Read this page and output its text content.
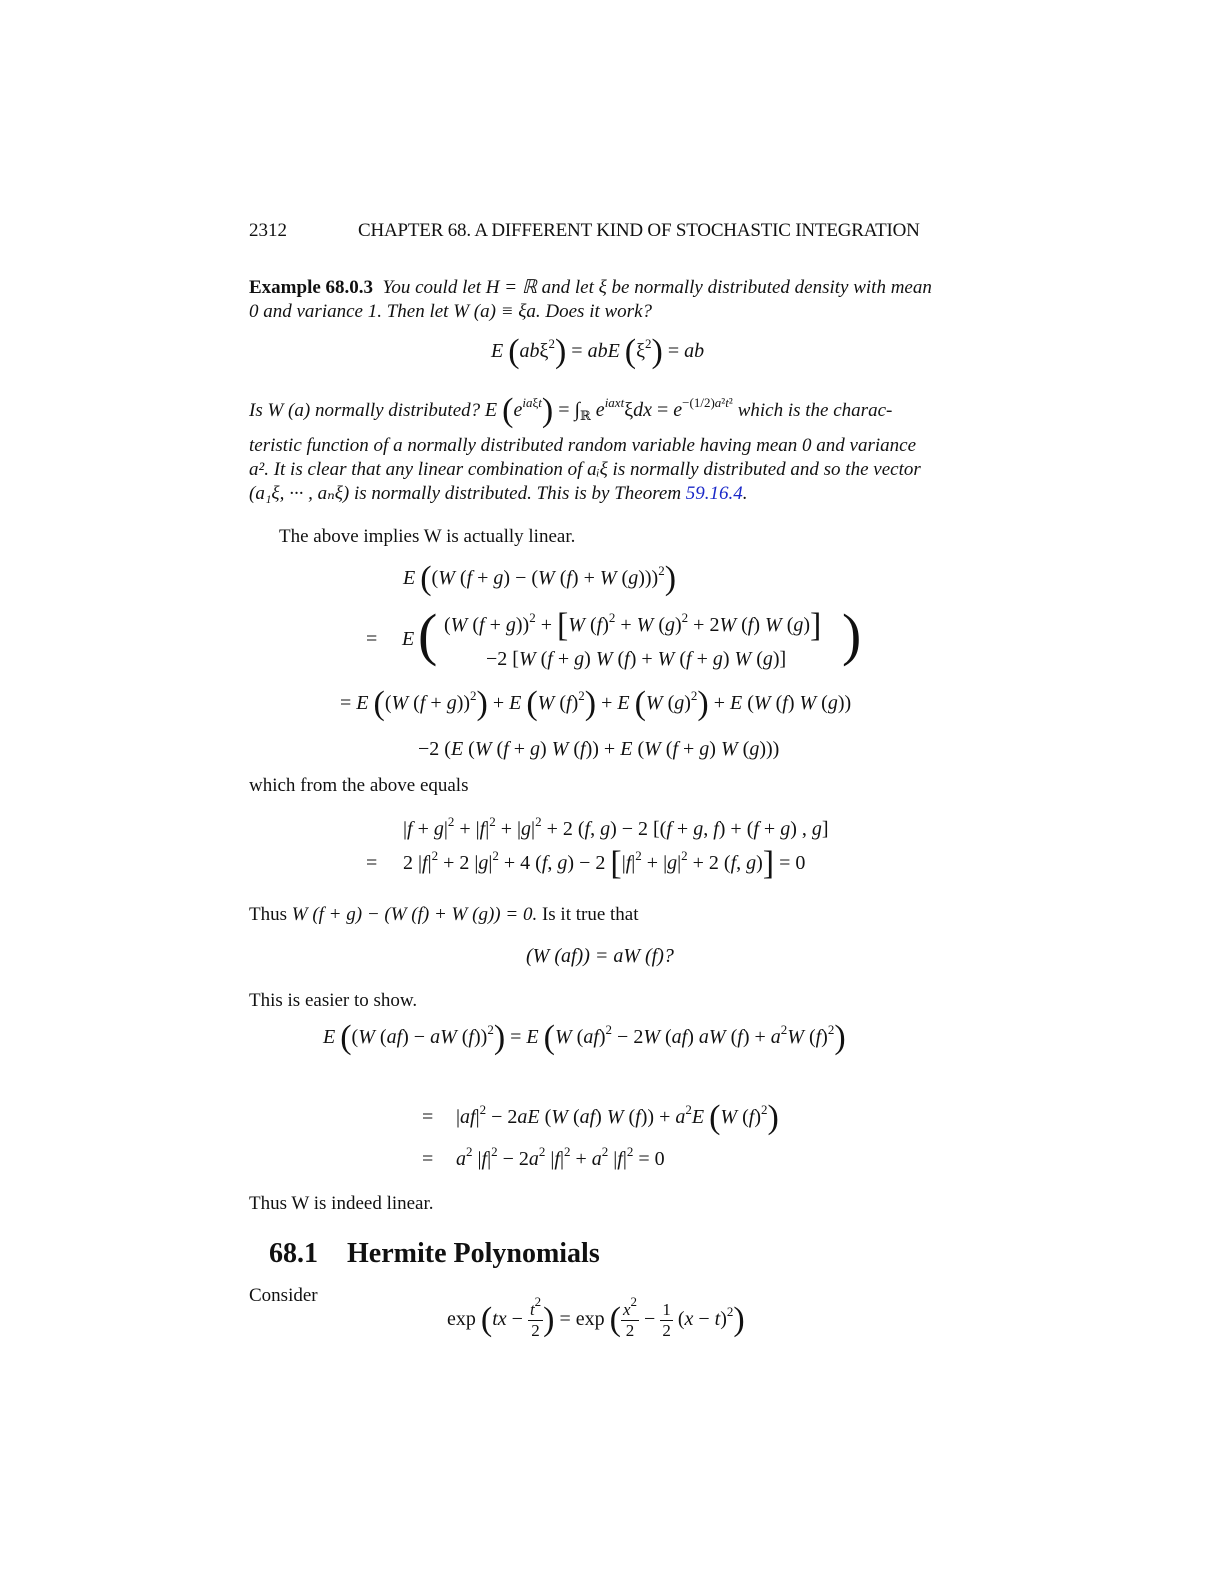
2312	CHAPTER 68. A DIFFERENT KIND OF STOCHASTIC INTEGRATION
Example 68.0.3 You could let H = ℝ and let ξ be normally distributed density with mean
0 and variance 1. Then let W (a) ≡ ξa. Does it work?
E (abξ$^2$) = abE $(\xi^2)$ = ab
Is W (a) normally distributed? E $(e^{ia\xi t}) = \int_ℝ$ $e^{iaxt}\xi dx = e^{-(1/2)a^2t^2}$ which is the charac-
teristic function of a normally distributed random variable having mean 0 and variance
a². It is clear that any linear combination of aᵢξ is normally distributed and so the vector
(a₁ξ, ··· , aₙξ) is normally distributed. This is by Theorem 59.16.4.
The above implies W is actually linear.
E ((W (f + g) − (W (f) + W (g)))$^2$)
= E ( (W (f + g))$^2$ + [W $(f)^2 + W$ $(g)^2 + 2W$ (f) W (g)]
−2 [W (f + g) W (f) + W (f + g) W (g)] )
= E ((W (f + g))$^2$) + E (W $(f)^2) + E$ (W $(g)^2) + E$ (W (f) W (g))
−2 (E (W (f + g) W (f)) + E (W (f + g) W (g)))
which from the above equals
$|f + g|^2 + |f|^2 + |g|^2 + 2$ (f, g) − 2 [(f + g, f) + (f + g) , g]
= 2 $|f|^2 + 2$ $|g|^2 + 4$ (f, g) − 2 [$|f|^2 + |g|^2 + 2$ (f, g)] = 0
Thus W (f + g) − (W (f) + W (g)) = 0. Is it true that
(W (af)) = aW (f)?
This is easier to show.
E ((W (af) − aW (f))$^2$) = E (W (af)$^2$ − 2W (af) aW $(f) + a^2W$ $(f)^2$)
= $|af|^2 - 2aE$ (W (af) W $(f)) + a^2E$ (W $(f)^2$)
= $a^2$ $|f|^2 - 2a^2$ $|f|^2 + a^2$ $|f|^2 = 0$
Thus W is indeed linear.
68.1 Hermite Polynomials
Consider
$\exp (tx - \frac{t^2}{2}$ ) = exp ( $\frac{x^2}{2} - \frac{1}{2} (x - t)^2$)
